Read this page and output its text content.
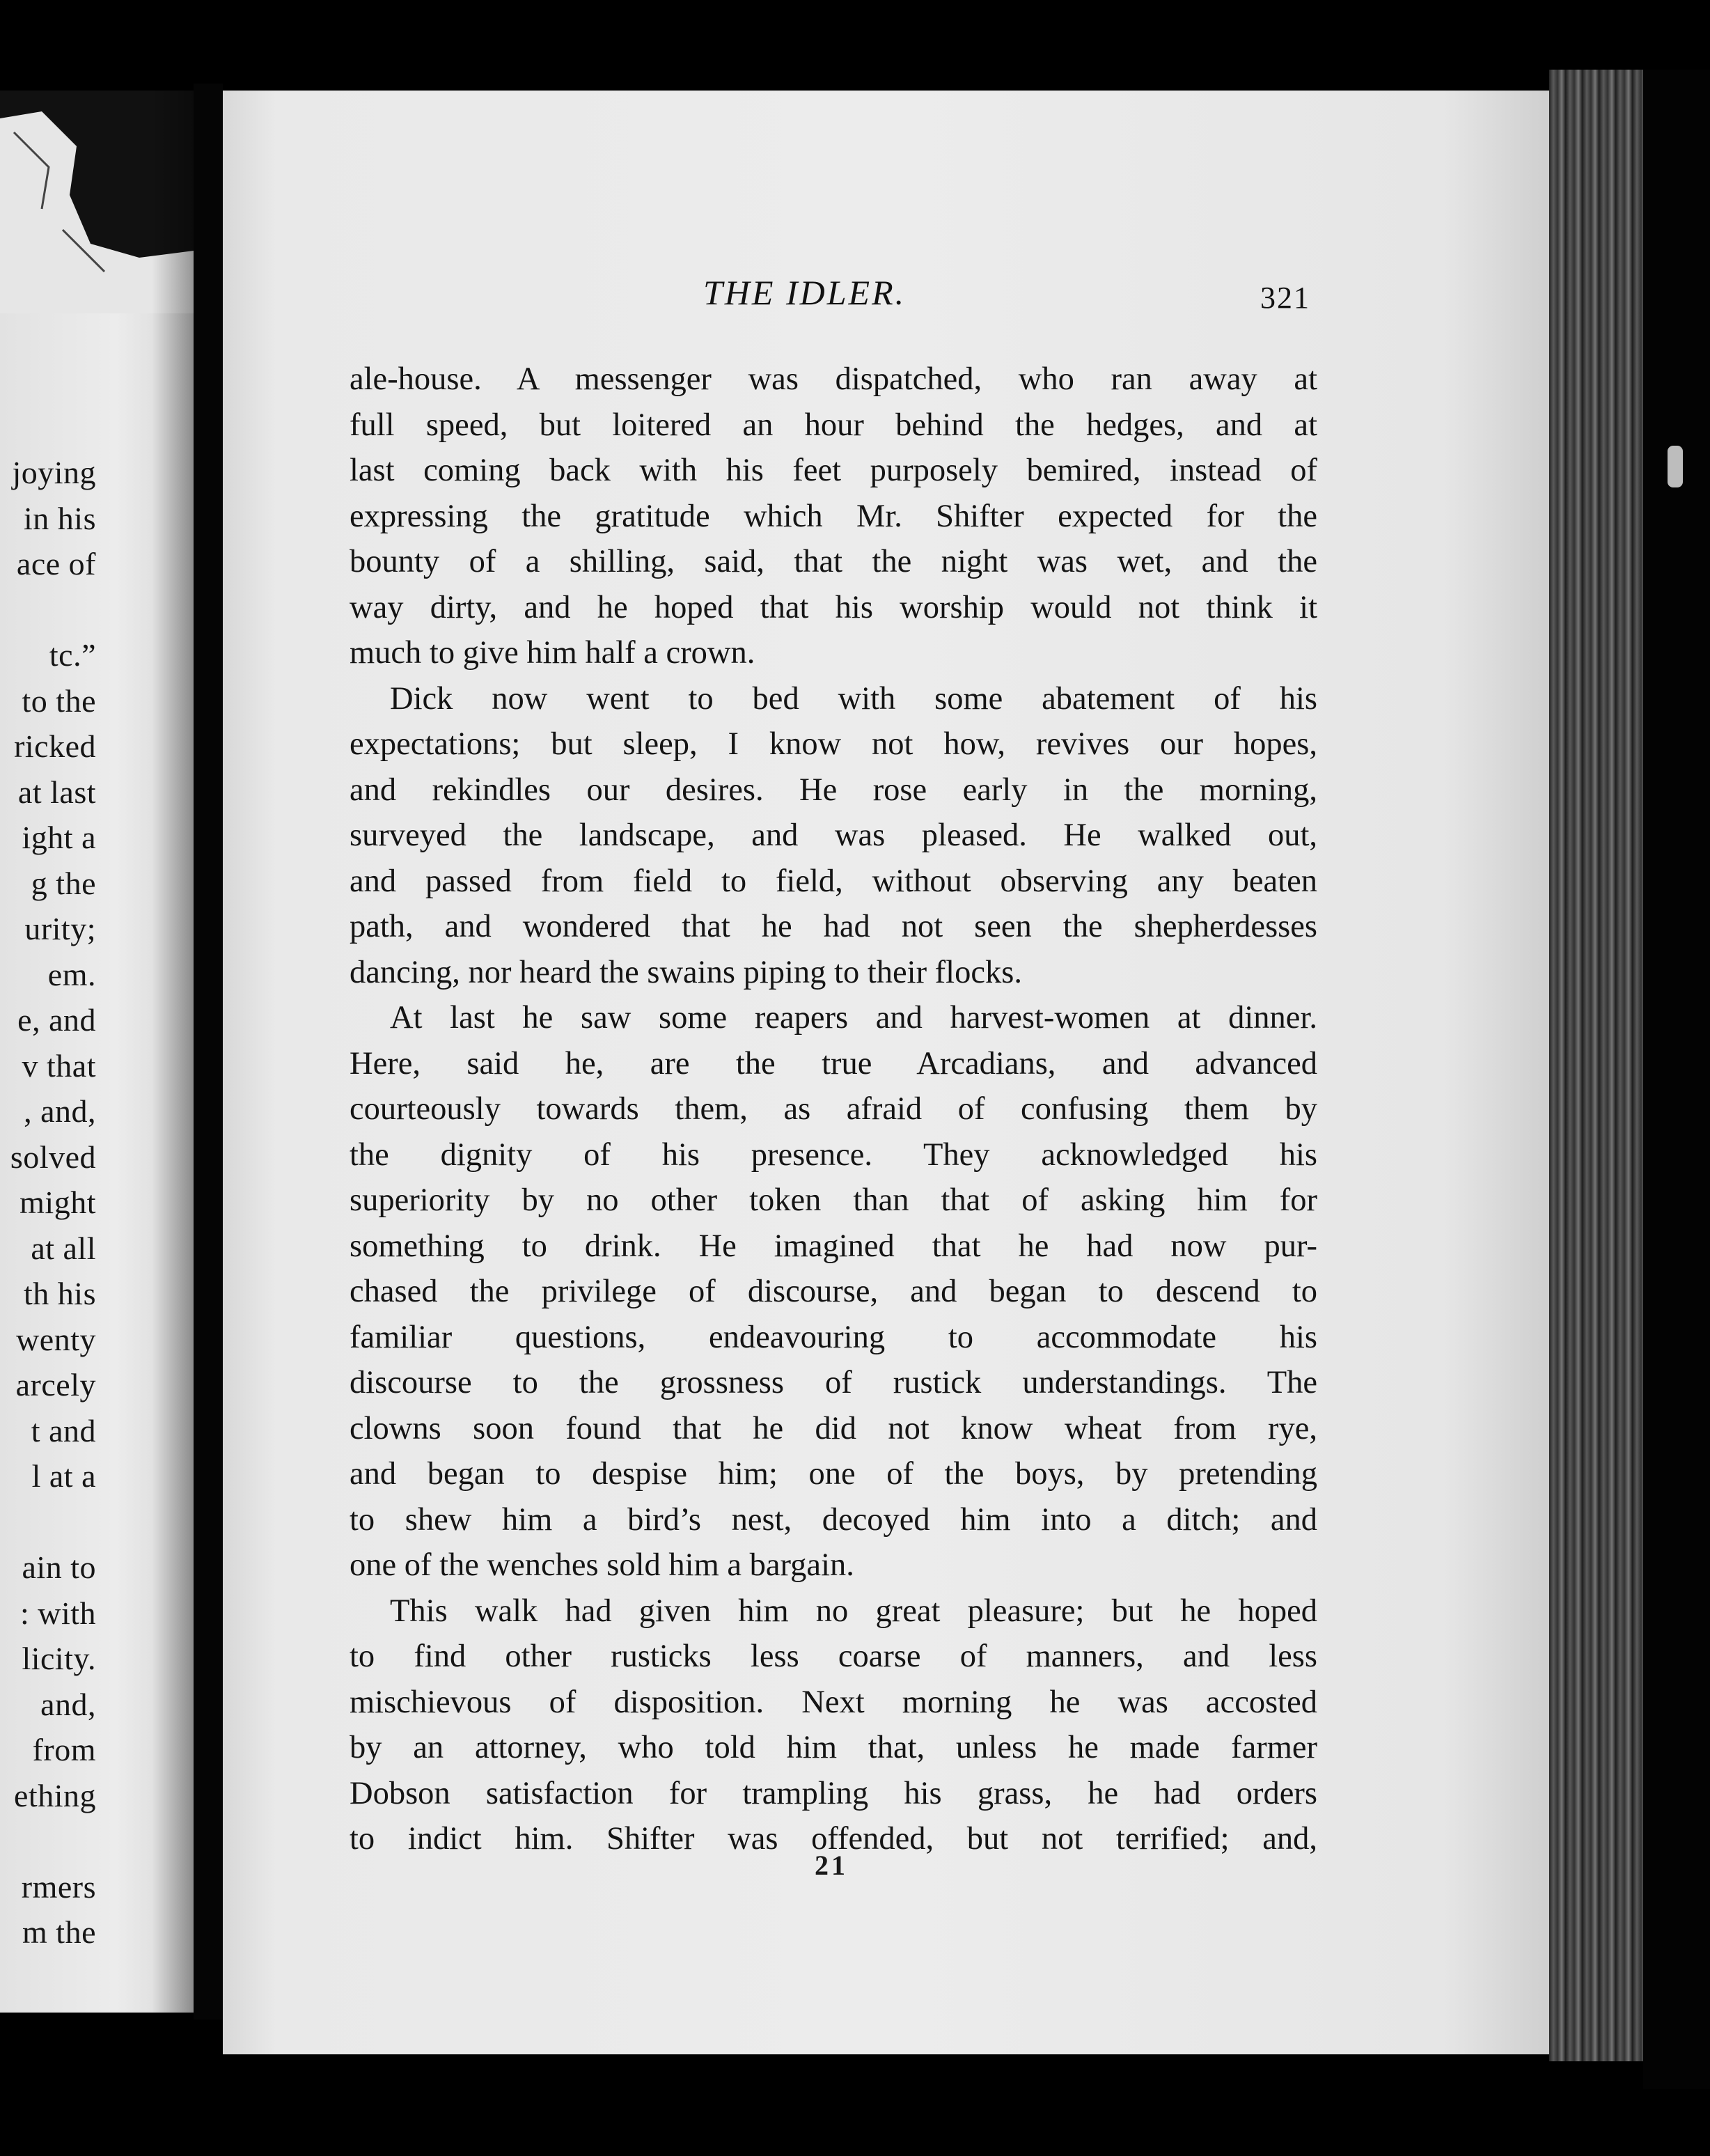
joying
in his
ace of
tc.”
to the
ricked
at last
ight a
g the
urity;
em.
e, and
v that
, and,
solved
might
at all
th his
wenty
arcely
t and
l at a
ain to
: with
licity.
and,
from
ething
rmers
m the
THE IDLER.	321
ale-house. A messenger was dispatched, who ran away at
full speed, but loitered an hour behind the hedges, and at
last coming back with his feet purposely bemired, instead of
expressing the gratitude which Mr. Shifter expected for the
bounty of a shilling, said, that the night was wet, and the
way dirty, and he hoped that his worship would not think it
much to give him half a crown.
Dick now went to bed with some abatement of his
expectations; but sleep, I know not how, revives our hopes,
and rekindles our desires. He rose early in the morning,
surveyed the landscape, and was pleased. He walked out,
and passed from field to field, without observing any beaten
path, and wondered that he had not seen the shepherdesses
dancing, nor heard the swains piping to their flocks.
At last he saw some reapers and harvest-women at dinner.
Here, said he, are the true Arcadians, and advanced
courteously towards them, as afraid of confusing them by
the dignity of his presence. They acknowledged his
superiority by no other token than that of asking him for
something to drink. He imagined that he had now pur-
chased the privilege of discourse, and began to descend to
familiar questions, endeavouring to accommodate his
discourse to the grossness of rustick understandings. The
clowns soon found that he did not know wheat from rye,
and began to despise him; one of the boys, by pretending
to shew him a bird’s nest, decoyed him into a ditch; and
one of the wenches sold him a bargain.
This walk had given him no great pleasure; but he hoped
to find other rusticks less coarse of manners, and less
mischievous of disposition. Next morning he was accosted
by an attorney, who told him that, unless he made farmer
Dobson satisfaction for trampling his grass, he had orders
to indict him. Shifter was offended, but not terrified; and,
21
